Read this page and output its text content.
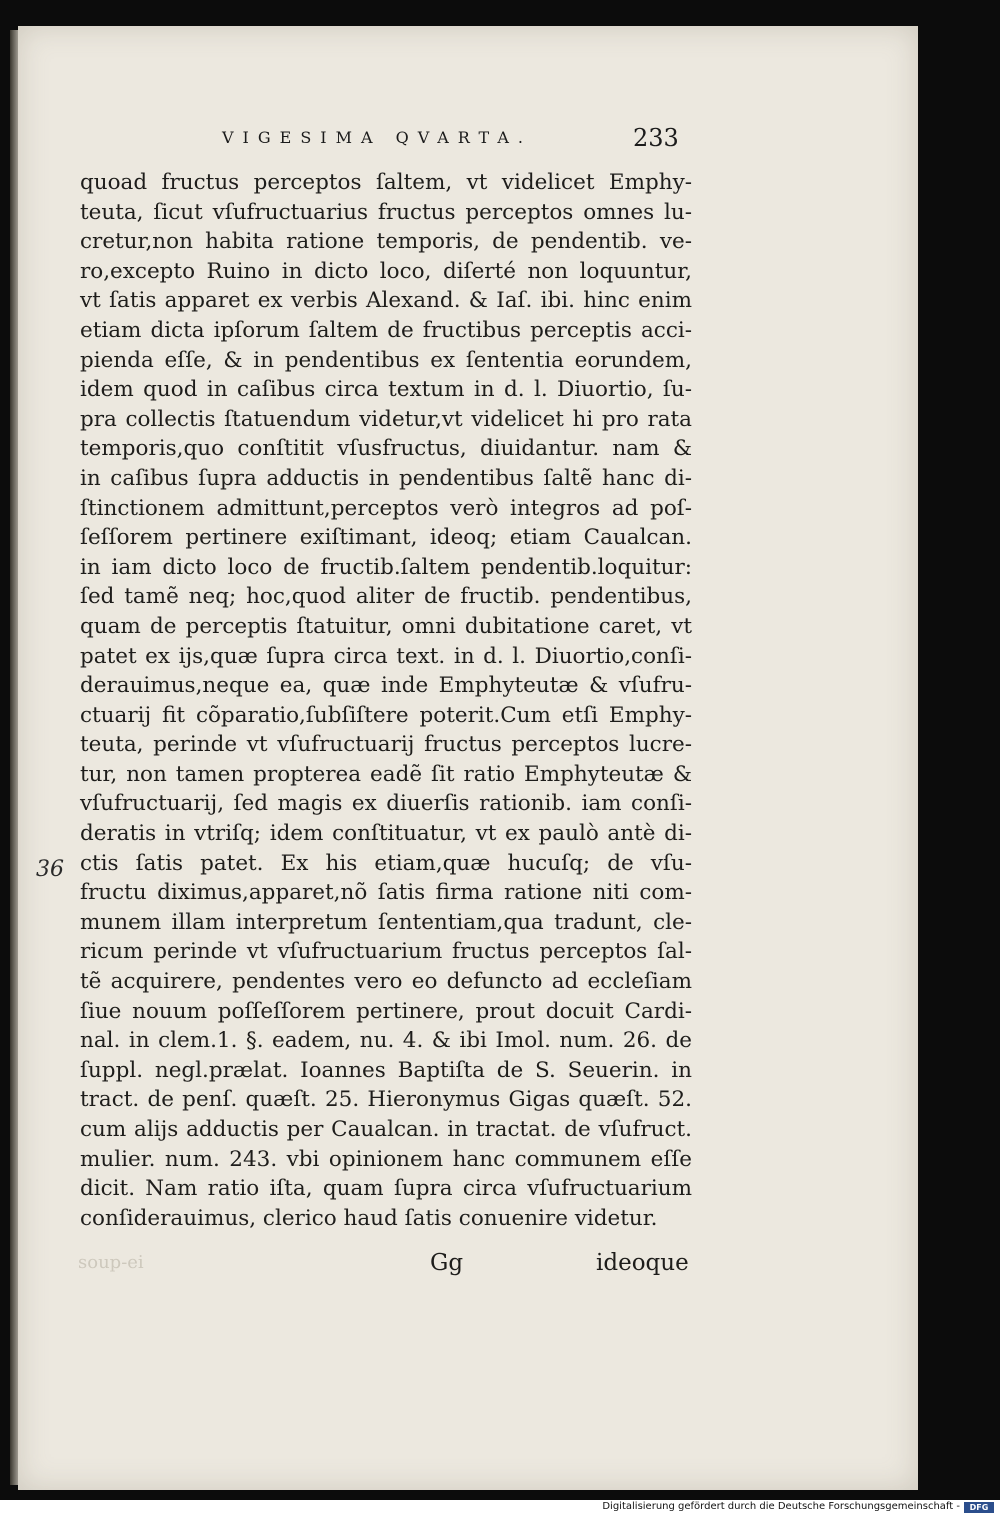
VIGESIMA QVARTA.	233
36
quoad fructus perceptos ſaltem, vt videlicet Emphy-
teuta, ſicut vſufructuarius fructus perceptos omnes lu-
cretur,non habita ratione temporis, de pendentib. ve-
ro,excepto Ruino in dicto loco, diſerté non loquuntur,
vt ſatis apparet ex verbis Alexand. & Iaſ. ibi. hinc enim
etiam dicta ipſorum ſaltem de fructibus perceptis acci-
pienda eſſe, & in pendentibus ex ſententia eorundem,
idem quod in caſibus circa textum in d. l. Diuortio, ſu-
pra collectis ſtatuendum videtur,vt videlicet hi pro rata
temporis,quo conſtitit vſusfructus, diuidantur. nam &
in caſibus ſupra adductis in pendentibus ſaltẽ hanc di-
ſtinctionem admittunt,perceptos verò integros ad poſ-
ſeſſorem pertinere exiſtimant, ideoq; etiam Caualcan.
in iam dicto loco de fructib.ſaltem pendentib.loquitur:
ſed tamẽ neq; hoc,quod aliter de fructib. pendentibus,
quam de perceptis ſtatuitur, omni dubitatione caret, vt
patet ex ijs,quæ ſupra circa text. in d. l. Diuortio,conſi-
derauimus,neque ea, quæ inde Emphyteutæ & vſufru-
ctuarij fit cõparatio,ſubſiſtere poterit.Cum etſi Emphy-
teuta, perinde vt vſufructuarij fructus perceptos lucre-
tur, non tamen propterea eadẽ ſit ratio Emphyteutæ &
vſufructuarij, ſed magis ex diuerſis rationib. iam conſi-
deratis in vtriſq; idem conſtituatur, vt ex paulò antè di-
ctis ſatis patet. Ex his etiam,quæ hucuſq; de vſu-
fructu diximus,apparet,nõ ſatis firma ratione niti com-
munem illam interpretum ſententiam,qua tradunt, cle-
ricum perinde vt vſufructuarium fructus perceptos ſal-
tẽ acquirere, pendentes vero eo defuncto ad eccleſiam
ſiue nouum poſſeſſorem pertinere, prout docuit Cardi-
nal. in clem.1. §. eadem, nu. 4. & ibi Imol. num. 26. de
ſuppl. negl.prælat. Ioannes Baptiſta de S. Seuerin. in
tract. de penſ. quæſt. 25. Hieronymus Gigas quæſt. 52.
cum alijs adductis per Caualcan. in tractat. de vſufruct.
mulier. num. 243. vbi opinionem hanc communem eſſe
dicit. Nam ratio iſta, quam ſupra circa vſufructuarium
conſiderauimus, clerico haud ſatis conuenire videtur.
soup-ei	Gg	ideoque
Digitalisierung gefördert durch die Deutsche Forschungsgemeinschaft -	DFG
